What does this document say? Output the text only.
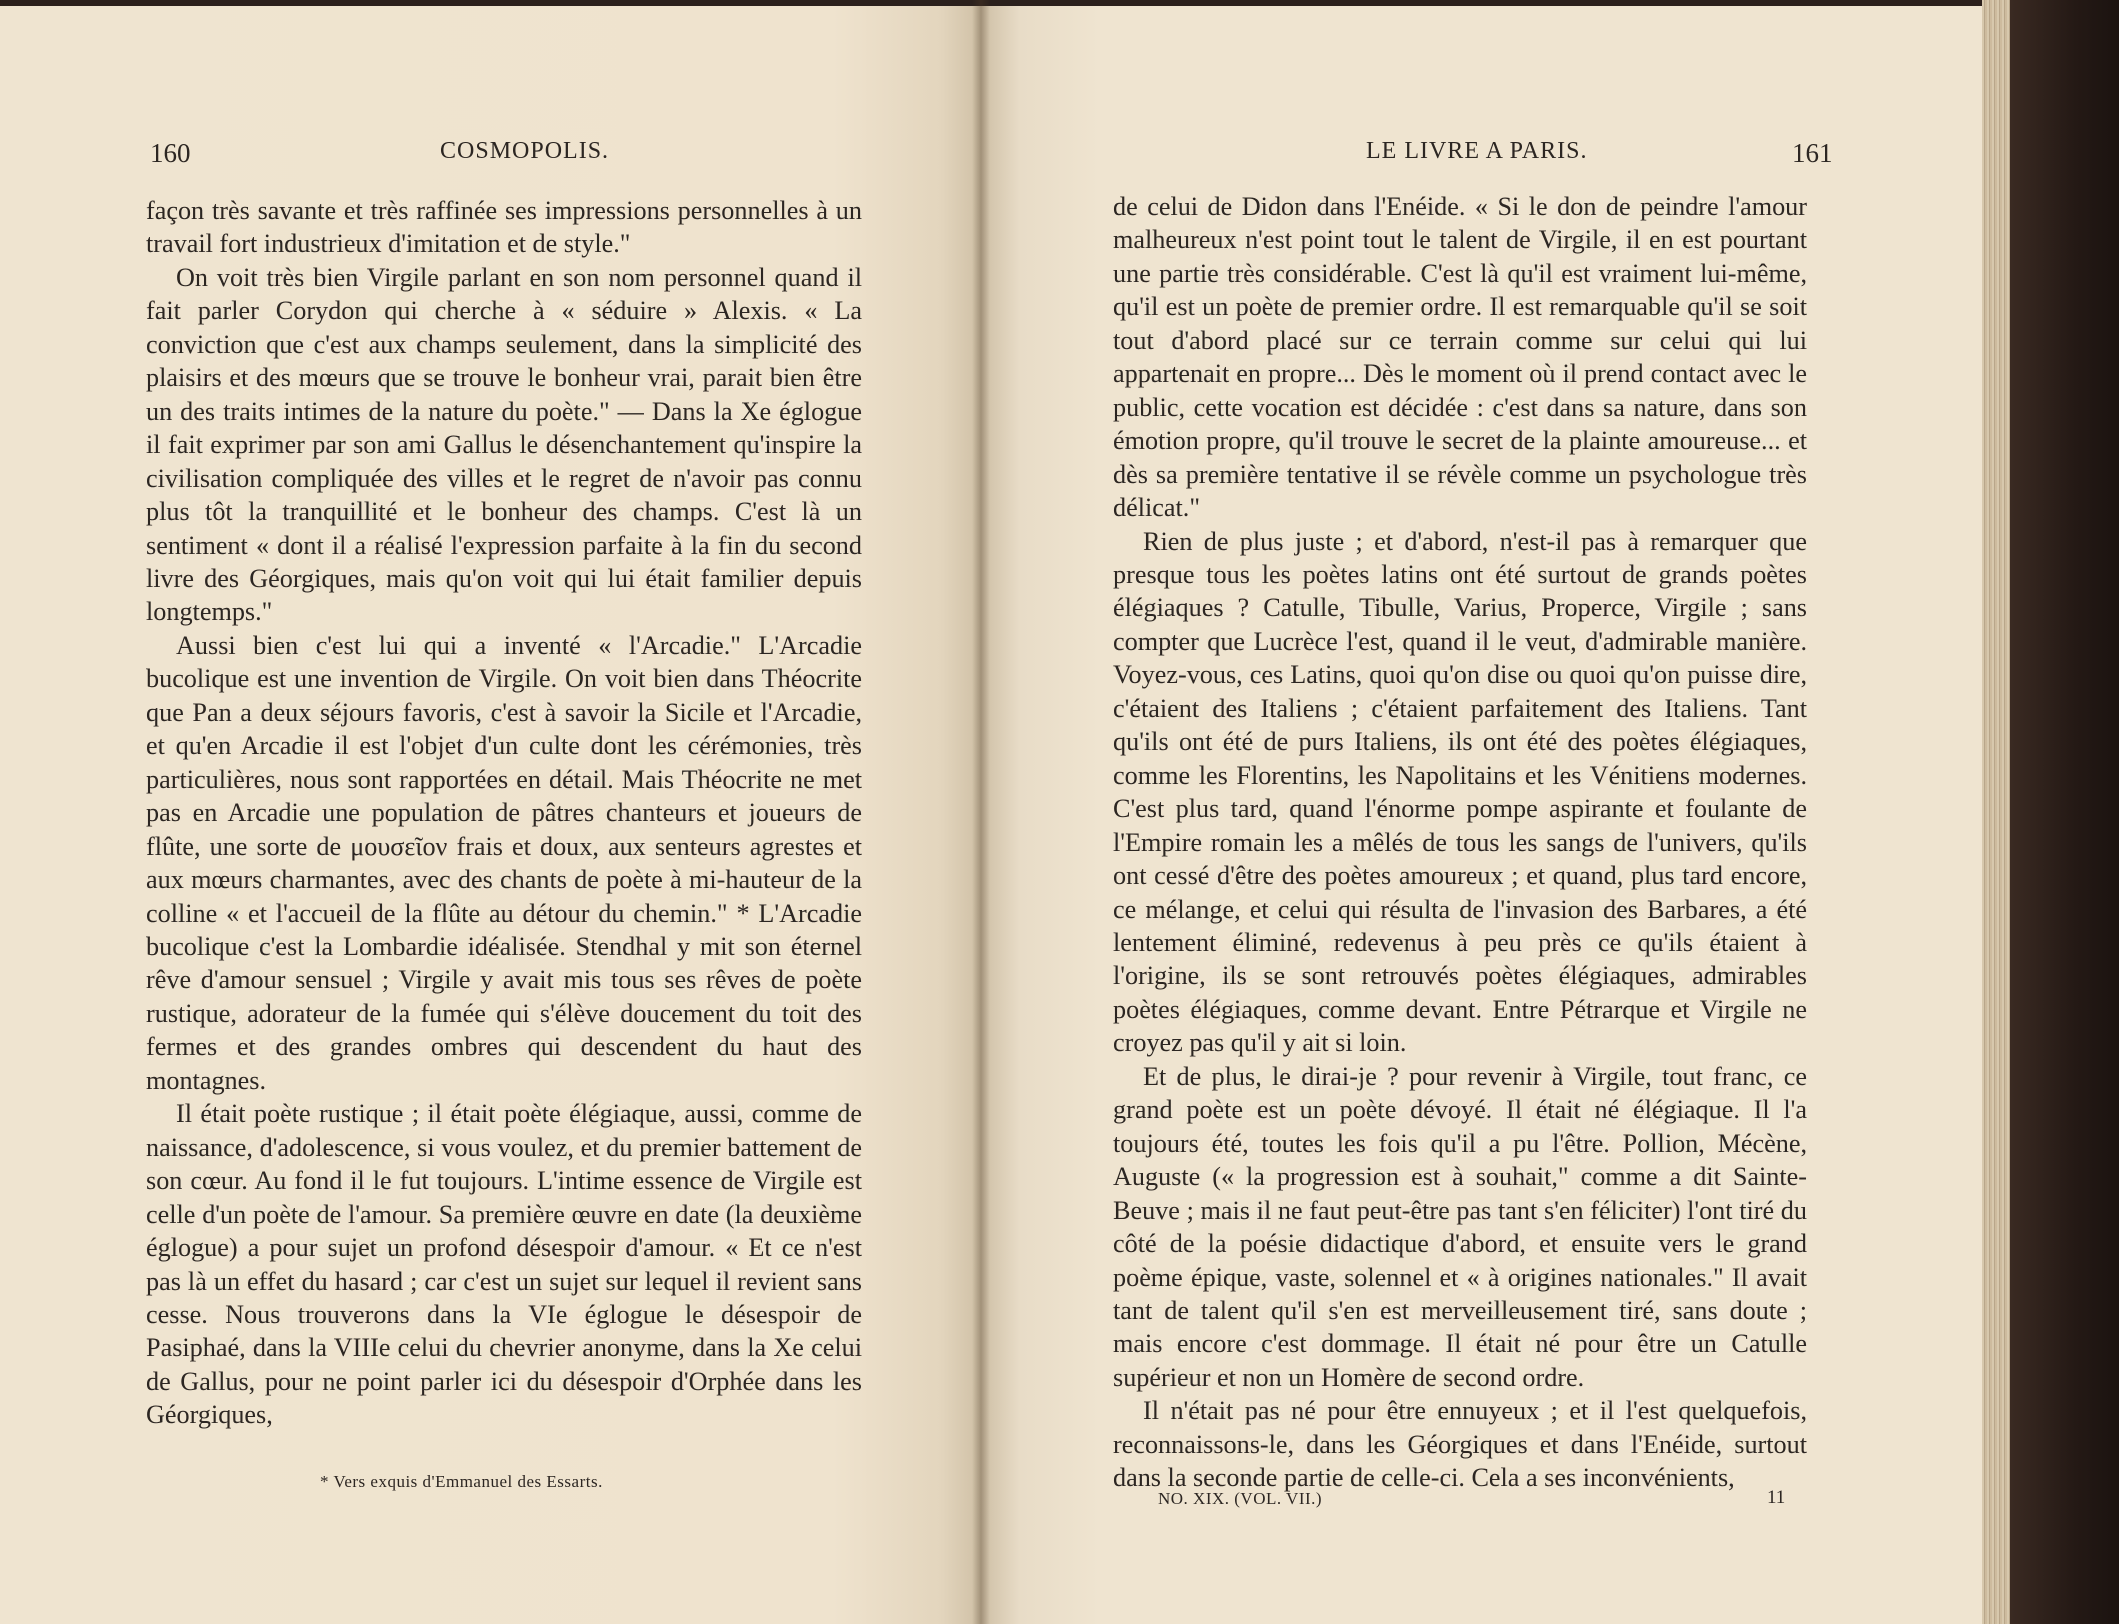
160	COSMOPOLIS.

façon très savante et très raffinée ses impressions personnelles à un travail fort industrieux d'imitation et de style."

On voit très bien Virgile parlant en son nom personnel quand il fait parler Corydon qui cherche à « séduire » Alexis. « La conviction que c'est aux champs seulement, dans la simplicité des plaisirs et des mœurs que se trouve le bonheur vrai, parait bien être un des traits intimes de la nature du poète." — Dans la Xe églogue il fait exprimer par son ami Gallus le désenchantement qu'inspire la civilisation compliquée des villes et le regret de n'avoir pas connu plus tôt la tranquillité et le bonheur des champs. C'est là un sentiment « dont il a réalisé l'expression parfaite à la fin du second livre des Géorgiques, mais qu'on voit qui lui était familier depuis longtemps."

Aussi bien c'est lui qui a inventé « l'Arcadie." L'Arcadie bucolique est une invention de Virgile. On voit bien dans Théocrite que Pan a deux séjours favoris, c'est à savoir la Sicile et l'Arcadie, et qu'en Arcadie il est l'objet d'un culte dont les cérémonies, très particulières, nous sont rapportées en détail. Mais Théocrite ne met pas en Arcadie une population de pâtres chanteurs et joueurs de flûte, une sorte de μουσεῖον frais et doux, aux senteurs agrestes et aux mœurs charmantes, avec des chants de poète à mi-hauteur de la colline « et l'accueil de la flûte au détour du chemin." * L'Arcadie bucolique c'est la Lombardie idéalisée. Stendhal y mit son éternel rêve d'amour sensuel ; Virgile y avait mis tous ses rêves de poète rustique, adorateur de la fumée qui s'élève doucement du toit des fermes et des grandes ombres qui descendent du haut des montagnes.

Il était poète rustique ; il était poète élégiaque, aussi, comme de naissance, d'adolescence, si vous voulez, et du premier battement de son cœur. Au fond il le fut toujours. L'intime essence de Virgile est celle d'un poète de l'amour. Sa première œuvre en date (la deuxième églogue) a pour sujet un profond désespoir d'amour. « Et ce n'est pas là un effet du hasard ; car c'est un sujet sur lequel il revient sans cesse. Nous trouverons dans la VIe églogue le désespoir de Pasiphaé, dans la VIIIe celui du chevrier anonyme, dans la Xe celui de Gallus, pour ne point parler ici du désespoir d'Orphée dans les Géorgiques,

* Vers exquis d'Emmanuel des Essarts.
LE LIVRE A PARIS.	161

de celui de Didon dans l'Enéide. « Si le don de peindre l'amour malheureux n'est point tout le talent de Virgile, il en est pourtant une partie très considérable. C'est là qu'il est vraiment lui-même, qu'il est un poète de premier ordre. Il est remarquable qu'il se soit tout d'abord placé sur ce terrain comme sur celui qui lui appartenait en propre... Dès le moment où il prend contact avec le public, cette vocation est décidée : c'est dans sa nature, dans son émotion propre, qu'il trouve le secret de la plainte amoureuse... et dès sa première tentative il se révèle comme un psychologue très délicat."

Rien de plus juste ; et d'abord, n'est-il pas à remarquer que presque tous les poètes latins ont été surtout de grands poètes élégiaques ? Catulle, Tibulle, Varius, Properce, Virgile ; sans compter que Lucrèce l'est, quand il le veut, d'admirable manière. Voyez-vous, ces Latins, quoi qu'on dise ou quoi qu'on puisse dire, c'étaient des Italiens ; c'étaient parfaitement des Italiens. Tant qu'ils ont été de purs Italiens, ils ont été des poètes élégiaques, comme les Florentins, les Napolitains et les Vénitiens modernes. C'est plus tard, quand l'énorme pompe aspirante et foulante de l'Empire romain les a mêlés de tous les sangs de l'univers, qu'ils ont cessé d'être des poètes amoureux ; et quand, plus tard encore, ce mélange, et celui qui résulta de l'invasion des Barbares, a été lentement éliminé, redevenus à peu près ce qu'ils étaient à l'origine, ils se sont retrouvés poètes élégiaques, admirables poètes élégiaques, comme devant. Entre Pétrarque et Virgile ne croyez pas qu'il y ait si loin.

Et de plus, le dirai-je ? pour revenir à Virgile, tout franc, ce grand poète est un poète dévoyé. Il était né élégiaque. Il l'a toujours été, toutes les fois qu'il a pu l'être. Pollion, Mécène, Auguste (« la progression est à souhait," comme a dit Sainte-Beuve ; mais il ne faut peut-être pas tant s'en féliciter) l'ont tiré du côté de la poésie didactique d'abord, et ensuite vers le grand poème épique, vaste, solennel et « à origines nationales." Il avait tant de talent qu'il s'en est merveilleusement tiré, sans doute ; mais encore c'est dommage. Il était né pour être un Catulle supérieur et non un Homère de second ordre.

Il n'était pas né pour être ennuyeux ; et il l'est quelquefois, reconnaissons-le, dans les Géorgiques et dans l'Enéide, surtout dans la seconde partie de celle-ci. Cela a ses inconvénients,

NO. XIX. (VOL. VII.)	11
